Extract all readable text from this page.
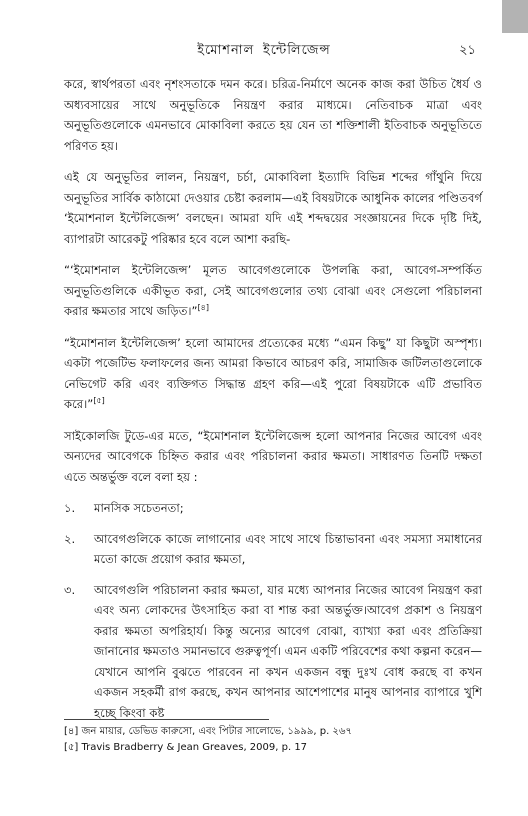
ইমোশনাল ইন্টেলিজেন্স	২১

করে, স্বার্থপরতা এবং নৃশংসতাকে দমন করে। চরিত্র-নির্মাণে অনেক কাজ করা উচিত ধৈর্য ও অধ্যবসায়ের সাথে অনুভূতিকে নিয়ন্ত্রণ করার মাধ্যমে। নেতিবাচক মাত্রা এবং অনুভূতিগুলোকে এমনভাবে মোকাবিলা করতে হয় যেন তা শক্তিশালী ইতিবাচক অনুভূতিতে পরিণত হয়।

এই যে অনুভূতির লালন, নিয়ন্ত্রণ, চর্চা, মোকাবিলা ইত্যাদি বিভিন্ন শব্দের গাঁথুনি দিয়ে অনুভূতির সার্বিক কাঠামো দেওয়ার চেষ্টা করলাম—এই বিষয়টাকে আধুনিক কালের পণ্ডিতবর্গ ‘ইমোশনাল ইন্টেলিজেন্স’ বলছেন। আমরা যদি এই শব্দদ্বয়ের সংজ্ঞায়নের দিকে দৃষ্টি দিই, ব্যাপারটা আরেকটু পরিষ্কার হবে বলে আশা করছি-

“‘ইমোশনাল ইন্টেলিজেন্স’ মূলত আবেগগুলোকে উপলব্ধি করা, আবেগ-সম্পর্কিত অনুভূতিগুলিকে একীভূত করা, সেই আবেগগুলোর তথ্য বোঝা এবং সেগুলো পরিচালনা করার ক্ষমতার সাথে জড়িত।”[৪]

“ইমোশনাল ইন্টেলিজেন্স’ হলো আমাদের প্রত্যেকের মধ্যে “এমন কিছু” যা কিছুটা অস্পৃশ্য। একটা পজেটিভ ফলাফলের জন্য আমরা কিভাবে আচরণ করি, সামাজিক জটিলতাগুলোকে নেভিগেট করি এবং ব্যক্তিগত সিদ্ধান্ত গ্রহণ করি—এই পুরো বিষয়টাকে এটি প্রভাবিত করে।”[৫]

সাইকোলজি টুডে-এর মতে, “ইমোশনাল ইন্টেলিজেন্স হলো আপনার নিজের আবেগ এবং অন্যদের আবেগকে চিহ্নিত করার এবং পরিচালনা করার ক্ষমতা। সাধারণত তিনটি দক্ষতা এতে অন্তর্ভুক্ত বলে বলা হয় :

১.	মানসিক সচেতনতা;
২.	আবেগগুলিকে কাজে লাগানোর এবং সাথে সাথে চিন্তাভাবনা এবং সমস্যা সমাধানের মতো কাজে প্রয়োগ করার ক্ষমতা,
৩.	আবেগগুলি পরিচালনা করার ক্ষমতা, যার মধ্যে আপনার নিজের আবেগ নিয়ন্ত্রণ করা এবং অন্য লোকদের উৎসাহিত করা বা শান্ত করা অন্তর্ভুক্ত।আবেগ প্রকাশ ও নিয়ন্ত্রণ করার ক্ষমতা অপরিহার্য। কিন্তু অন্যের আবেগ বোঝা, ব্যাখ্যা করা এবং প্রতিক্রিয়া জানানোর ক্ষমতাও সমানভাবে গুরুত্বপূর্ণ। এমন একটি পরিবেশের কথা কল্পনা করেন—যেখানে আপনি বুঝতে পারবেন না কখন একজন বন্ধু দুঃখ বোধ করছে বা কখন একজন সহকর্মী রাগ করছে, কখন আপনার আশেপাশের মানুষ আপনার ব্যাপারে খুশি হচ্ছে কিংবা কষ্ট
[৪] জন মায়ার, ডেভিড কারুসো, এবং পিটার সালোভে, ১৯৯৯, p. ২৬৭
[৫] Travis Bradberry & Jean Greaves, 2009, p. 17
